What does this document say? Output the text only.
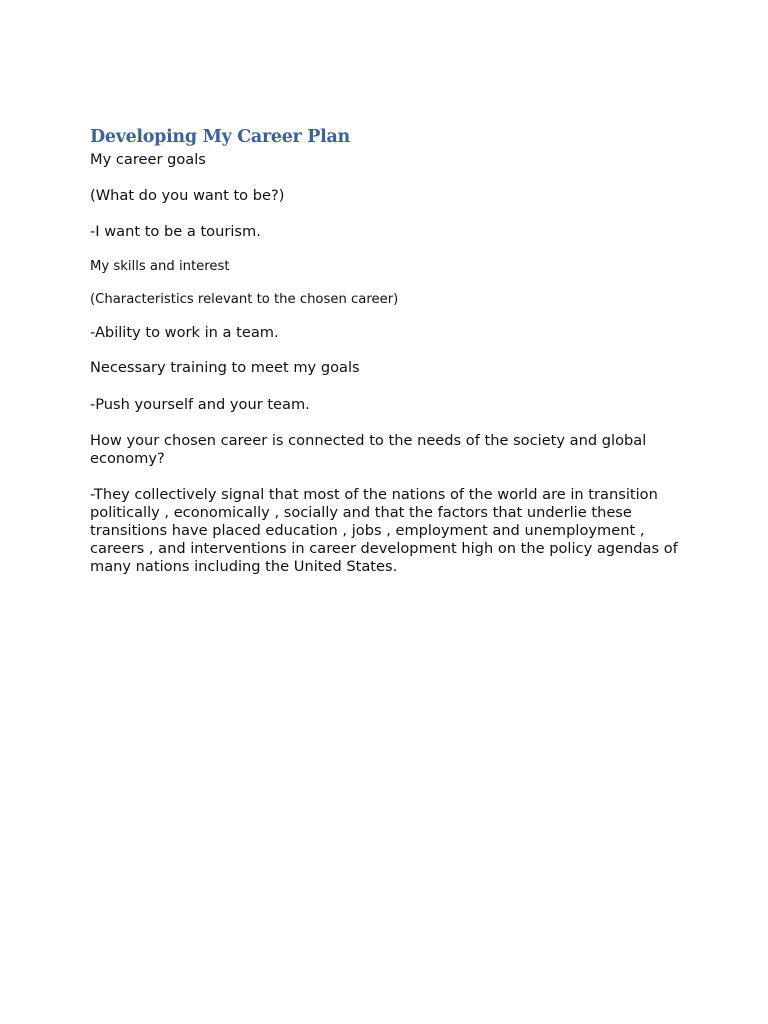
Developing My Career Plan

My career goals

(What do you want to be?)

-I want to be a tourism.

My skills and interest

(Characteristics relevant to the chosen career)

-Ability to work in a team.

Necessary training to meet my goals

-Push yourself and your team.

How your chosen career is connected to the needs of the society and global economy?

-They collectively signal that most of the nations of the world are in transition politically , economically , socially and that the factors that underlie these transitions have placed education , jobs , employment and unemployment , careers , and interventions in career development high on the policy agendas of many nations including the United States.
